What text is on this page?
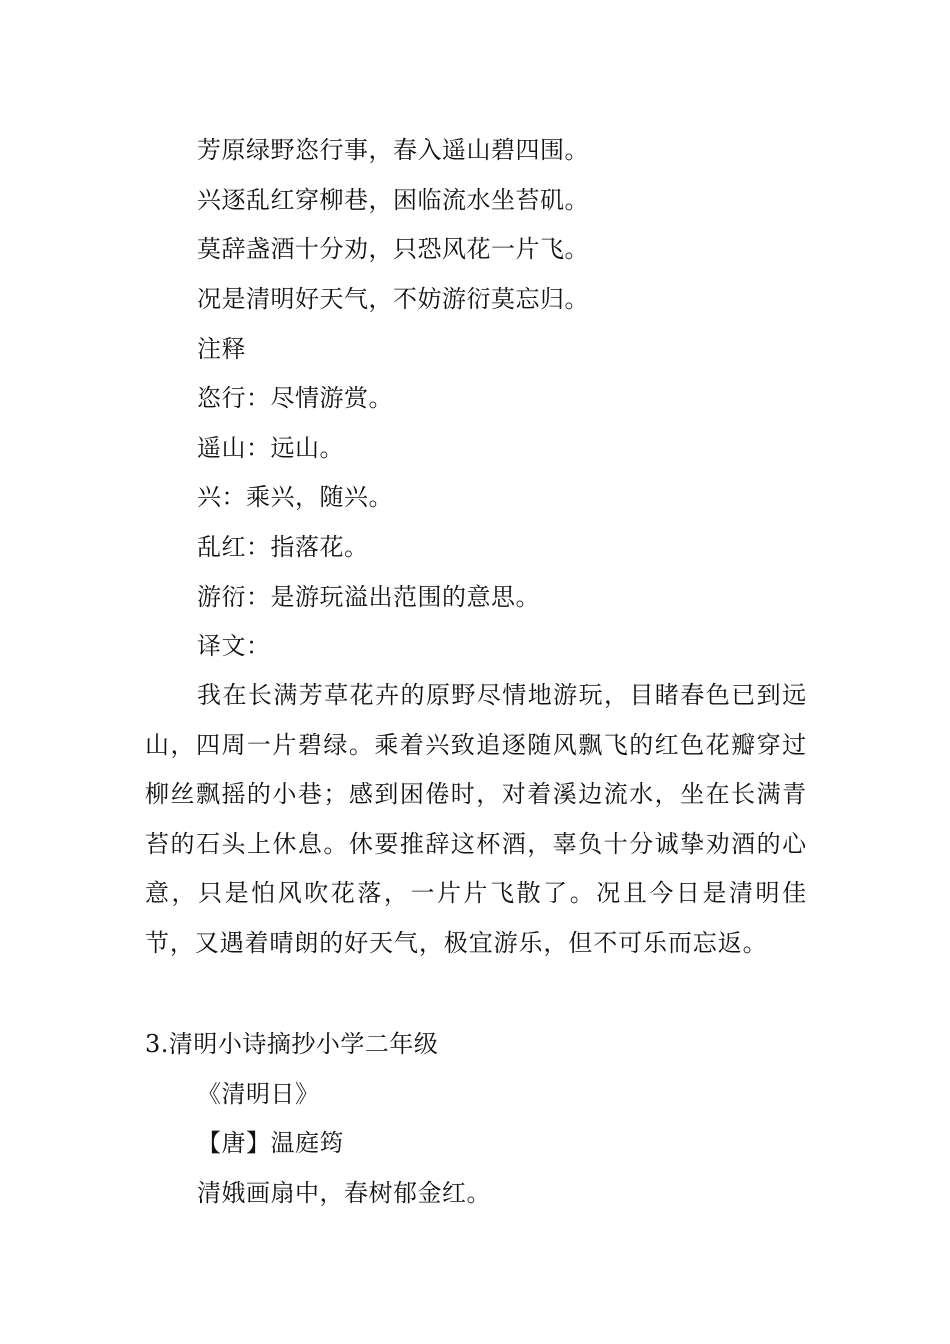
芳原绿野恣行事，春入遥山碧四围。
兴逐乱红穿柳巷，困临流水坐苔矶。
莫辞盏酒十分劝，只恐风花一片飞。
况是清明好天气，不妨游衍莫忘归。
注释
恣行：尽情游赏。
遥山：远山。
兴：乘兴，随兴。
乱红：指落花。
游衍：是游玩溢出范围的意思。
译文：
我在长满芳草花卉的原野尽情地游玩，目睹春色已到远山，四周一片碧绿。乘着兴致追逐随风飘飞的红色花瓣穿过柳丝飘摇的小巷；感到困倦时，对着溪边流水，坐在长满青苔的石头上休息。休要推辞这杯酒，辜负十分诚挚劝酒的心意，只是怕风吹花落，一片片飞散了。况且今日是清明佳节，又遇着晴朗的好天气，极宜游乐，但不可乐而忘返。
3.清明小诗摘抄小学二年级
《清明日》
【唐】温庭筠
清娥画扇中，春树郁金红。
